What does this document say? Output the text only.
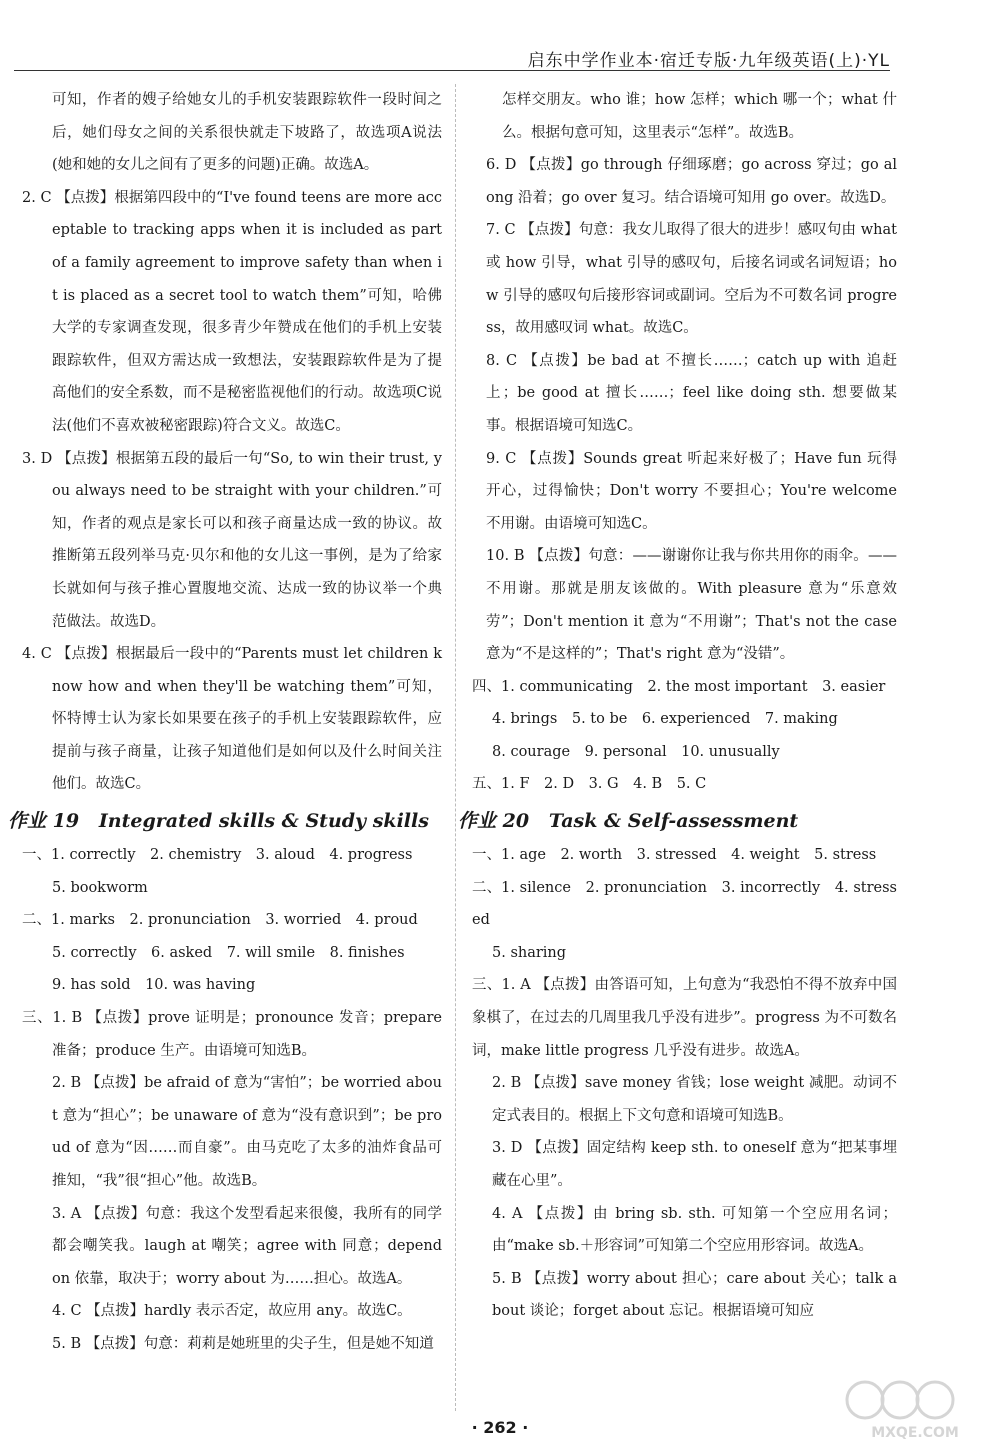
启东中学作业本·宿迁专版·九年级英语(上)·YL

可知，作者的嫂子给她女儿的手机安装跟踪软件一段时间之后，她们母女之间的关系很快就走下坡路了，故选项A说法(她和她的女儿之间有了更多的问题)正确。故选A。

2. C 【点拨】根据第四段中的“I've found teens are more acceptable to tracking apps when it is included as part of a family agreement to improve safety than when it is placed as a secret tool to watch them”可知，哈佛大学的专家调查发现，很多青少年赞成在他们的手机上安装跟踪软件，但双方需达成一致想法，安装跟踪软件是为了提高他们的安全系数，而不是秘密监视他们的行动。故选项C说法(他们不喜欢被秘密跟踪)符合文义。故选C。

3. D 【点拨】根据第五段的最后一句“So, to win their trust, you always need to be straight with your children.”可知，作者的观点是家长可以和孩子商量达成一致的协议。故推断第五段列举马克·贝尔和他的女儿这一事例，是为了给家长就如何与孩子推心置腹地交流、达成一致的协议举一个典范做法。故选D。

4. C 【点拨】根据最后一段中的“Parents must let children know how and when they'll be watching them”可知，怀特博士认为家长如果要在孩子的手机上安装跟踪软件，应提前与孩子商量，让孩子知道他们是如何以及什么时间关注他们。故选C。

作业 19 Integrated skills & Study skills

一、1. correctly　2. chemistry　3. aloud　4. progress

5. bookworm

二、1. marks　2. pronunciation　3. worried　4. proud

5. correctly　6. asked　7. will smile　8. finishes

9. has sold　10. was having

三、1. B 【点拨】prove 证明是；pronounce 发音；prepare 准备；produce 生产。由语境可知选B。

2. B 【点拨】be afraid of 意为“害怕”；be worried about 意为“担心”；be unaware of 意为“没有意识到”；be proud of 意为“因……而自豪”。由马克吃了太多的油炸食品可推知，“我”很“担心”他。故选B。

3. A 【点拨】句意：我这个发型看起来很傻，我所有的同学都会嘲笑我。laugh at 嘲笑；agree with 同意；depend on 依靠，取决于；worry about 为……担心。故选A。

4. C 【点拨】hardly 表示否定，故应用 any。故选C。

5. B 【点拨】句意：莉莉是她班里的尖子生，但是她不知道

怎样交朋友。who 谁；how 怎样；which 哪一个；what 什么。根据句意可知，这里表示“怎样”。故选B。

6. D 【点拨】go through 仔细琢磨；go across 穿过；go along 沿着；go over 复习。结合语境可知用 go over。故选D。

7. C 【点拨】句意：我女儿取得了很大的进步！感叹句由 what 或 how 引导，what 引导的感叹句，后接名词或名词短语；how 引导的感叹句后接形容词或副词。空后为不可数名词 progress，故用感叹词 what。故选C。

8. C 【点拨】be bad at 不擅长……；catch up with 追赶上；be good at 擅长……；feel like doing sth. 想要做某事。根据语境可知选C。

9. C 【点拨】Sounds great 听起来好极了；Have fun 玩得开心，过得愉快；Don't worry 不要担心；You're welcome 不用谢。由语境可知选C。

10. B 【点拨】句意：——谢谢你让我与你共用你的雨伞。——不用谢。那就是朋友该做的。With pleasure 意为“乐意效劳”；Don't mention it 意为“不用谢”；That's not the case 意为“不是这样的”；That's right 意为“没错”。

四、1. communicating　2. the most important　3. easier

4. brings　5. to be　6. experienced　7. making

8. courage　9. personal　10. unusually

五、1. F　2. D　3. G　4. B　5. C

作业 20 Task & Self-assessment

一、1. age　2. worth　3. stressed　4. weight　5. stress

二、1. silence　2. pronunciation　3. incorrectly　4. stressed

5. sharing

三、1. A 【点拨】由答语可知，上句意为“我恐怕不得不放弃中国象棋了，在过去的几周里我几乎没有进步”。progress 为不可数名词，make little progress 几乎没有进步。故选A。

2. B 【点拨】save money 省钱；lose weight 减肥。动词不定式表目的。根据上下文句意和语境可知选B。

3. D 【点拨】固定结构 keep sth. to oneself 意为“把某事埋藏在心里”。

4. A 【点拨】由 bring sb. sth. 可知第一个空应用名词；由“make sb.＋形容词”可知第二个空应用形容词。故选A。

5. B 【点拨】worry about 担心；care about 关心；talk about 谈论；forget about 忘记。根据语境可知应

· 262 ·	MXQE.COM
